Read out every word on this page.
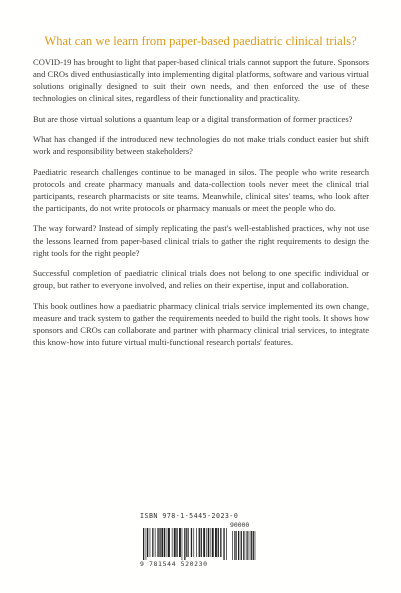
What can we learn from paper-based paediatric clinical trials?

COVID-19 has brought to light that paper-based clinical trials cannot support the future. Sponsors and CROs dived enthusiastically into implementing digital platforms, software and various virtual solutions originally designed to suit their own needs, and then enforced the use of these technologies on clinical sites, regardless of their functionality and practicality.

But are those virtual solutions a quantum leap or a digital transformation of former practices?

What has changed if the introduced new technologies do not make trials conduct easier but shift work and responsibility between stakeholders?

Paediatric research challenges continue to be managed in silos. The people who write research protocols and create pharmacy manuals and data-collection tools never meet the clinical trial participants, research pharmacists or site teams. Meanwhile, clinical sites' teams, who look after the participants, do not write protocols or pharmacy manuals or meet the people who do.

The way forward? Instead of simply replicating the past's well-established practices, why not use the lessons learned from paper-based clinical trials to gather the right requirements to design the right tools for the right people?

Successful completion of paediatric clinical trials does not belong to one specific individual or group, but rather to everyone involved, and relies on their expertise, input and collaboration.

This book outlines how a paediatric pharmacy clinical trials service implemented its own change, measure and track system to gather the requirements needed to build the right tools. It shows how sponsors and CROs can collaborate and partner with pharmacy clinical trial services, to integrate this know-how into future virtual multi-functional research portals' features.

ISBN 978-1-5445-2023-0
90000
9 781544 520230
